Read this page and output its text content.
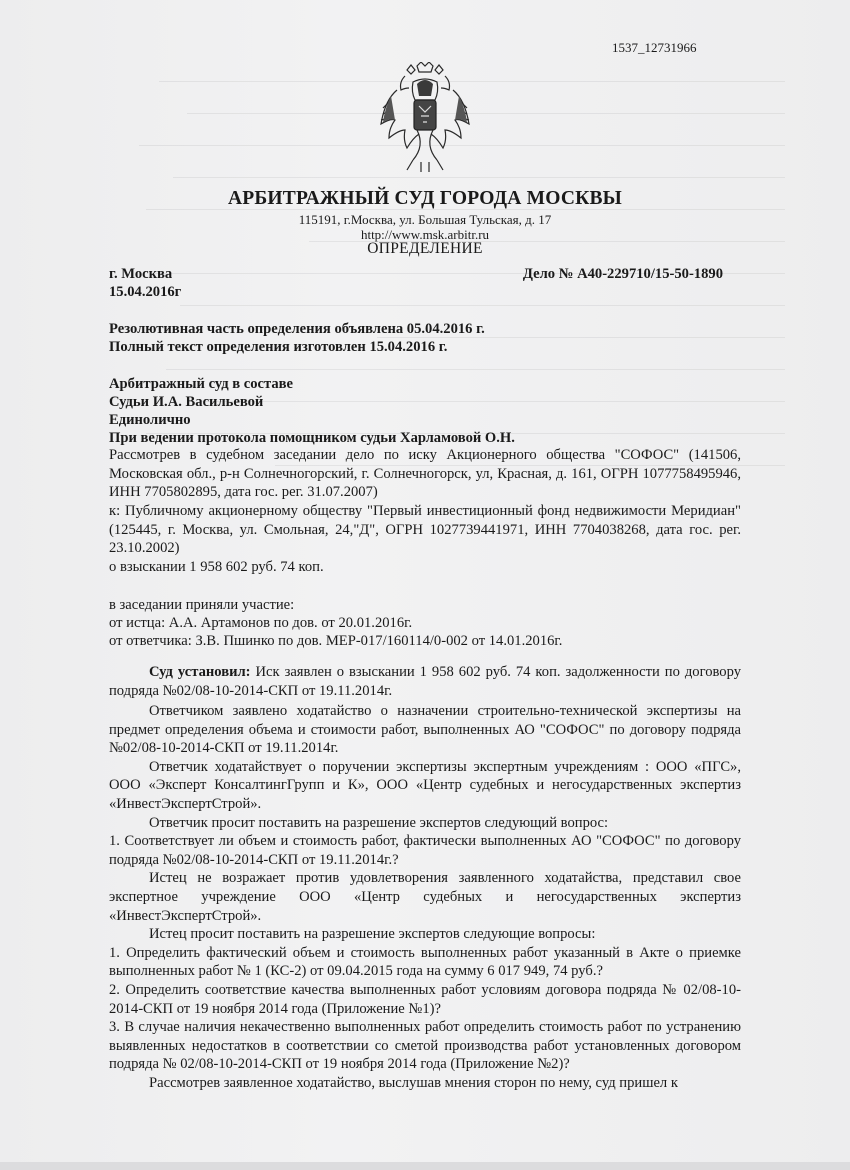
1537_12731966
АРБИТРАЖНЫЙ СУД ГОРОДА МОСКВЫ
115191, г.Москва, ул. Большая Тульская, д. 17
http://www.msk.arbitr.ru
ОПРЕДЕЛЕНИЕ
г. Москва	Дело № А40-229710/15-50-1890
15.04.2016г
Резолютивная часть определения объявлена 05.04.2016 г.
Полный текст определения изготовлен 15.04.2016 г.
Арбитражный суд в составе
Судьи И.А. Васильевой
Единолично
При ведении протокола помощником судьи Харламовой О.Н.

Рассмотрев в судебном заседании дело по иску Акционерного общества "СОФОС" (141506, Московская обл., р-н Солнечногорский, г. Солнечногорск, ул, Красная, д. 161, ОГРН 1077758495946, ИНН 7705802895, дата гос. рег. 31.07.2007)

к: Публичному акционерному обществу "Первый инвестиционный фонд недвижимости Меридиан" (125445, г. Москва, ул. Смольная, 24,"Д", ОГРН 1027739441971, ИНН 7704038268, дата гос. рег. 23.10.2002)

о взыскании 1 958 602 руб. 74 коп.
в заседании приняли участие:
от истца: А.А. Артамонов по дов. от 20.01.2016г.
от ответчика: З.В. Пшинко по дов. МЕР-017/160114/0-002 от 14.01.2016г.

Суд установил: Иск заявлен о взыскании 1 958 602 руб. 74 коп. задолженности по договору подряда №02/08-10-2014-СКП от 19.11.2014г.

Ответчиком заявлено ходатайство о назначении строительно-технической экспертизы на предмет определения объема и стоимости работ, выполненных АО "СОФОС" по договору подряда №02/08-10-2014-СКП от 19.11.2014г.

Ответчик ходатайствует о поручении экспертизы экспертным учреждениям : ООО «ПГС», ООО «Эксперт КонсалтингГрупп и К», ООО «Центр судебных и негосударственных экспертиз «ИнвестЭкспертСтрой».

Ответчик просит поставить на разрешение экспертов следующий вопрос:

1. Соответствует ли объем и стоимость работ, фактически выполненных АО "СОФОС" по договору подряда №02/08-10-2014-СКП от 19.11.2014г.?

Истец не возражает против удовлетворения заявленного ходатайства, представил свое экспертное учреждение ООО «Центр судебных и негосударственных экспертиз «ИнвестЭкспертСтрой».

Истец просит поставить на разрешение экспертов следующие вопросы:

1. Определить фактический объем и стоимость выполненных работ указанный в Акте о приемке выполненных работ № 1 (КС-2) от 09.04.2015 года на сумму 6 017 949, 74 руб.?

2. Определить соответствие качества выполненных работ условиям договора подряда № 02/08-10-2014-СКП от 19 ноября 2014 года (Приложение №1)?

3. В случае наличия некачественно выполненных работ определить стоимость работ по устранению выявленных недостатков в соответствии со сметой производства работ установленных договором подряда № 02/08-10-2014-СКП от 19 ноября 2014 года (Приложение №2)?

Рассмотрев заявленное ходатайство, выслушав мнения сторон по нему, суд пришел к
